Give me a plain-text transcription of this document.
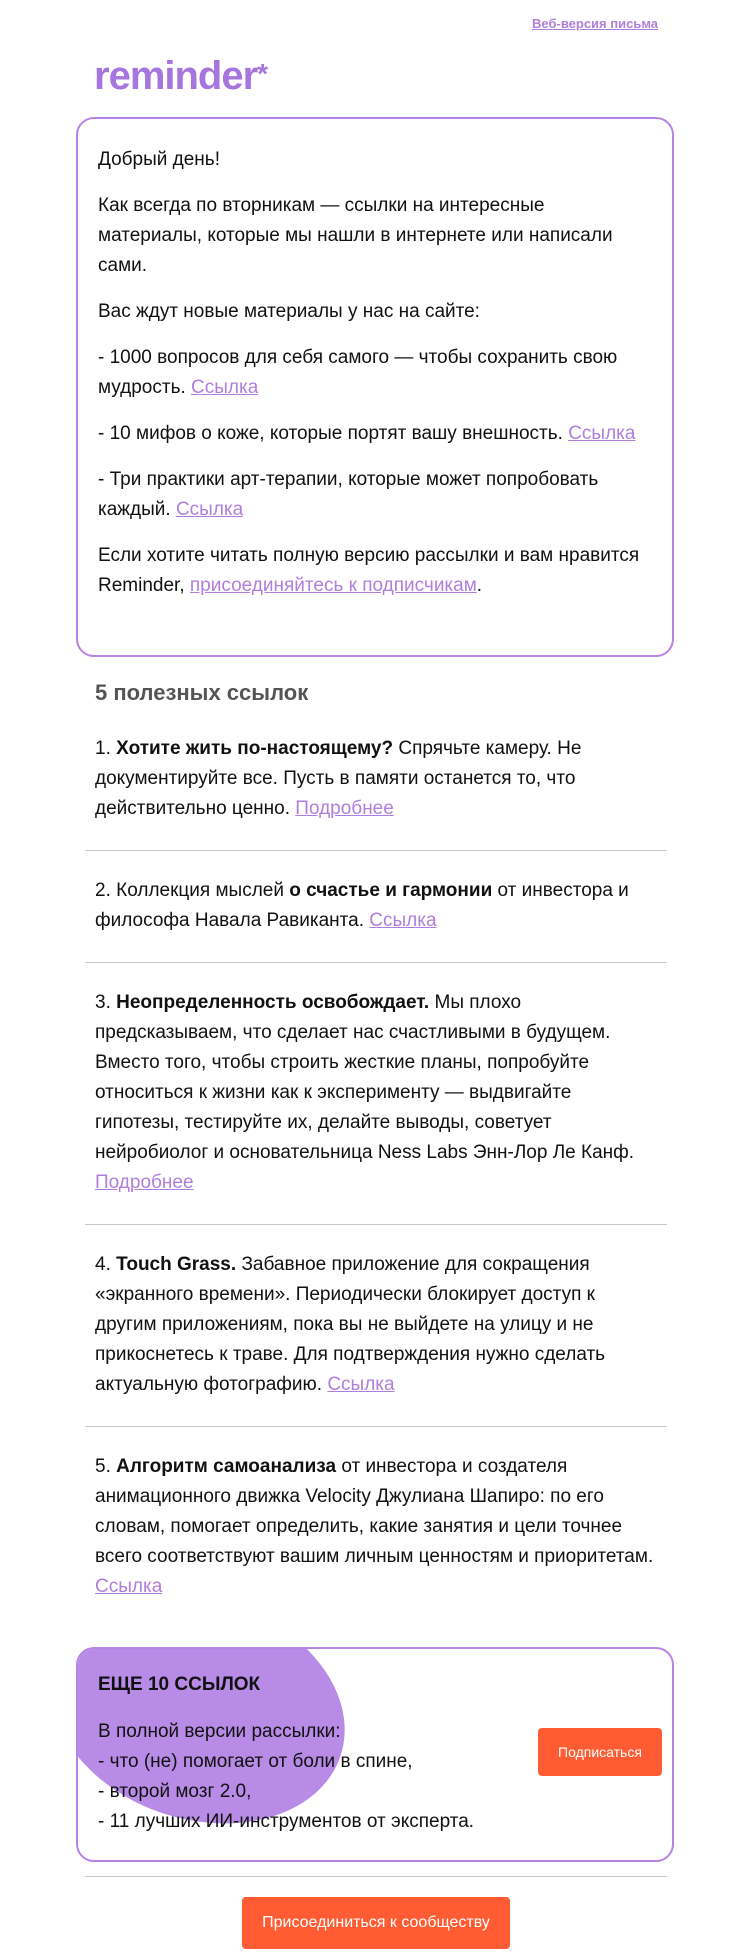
Веб-версия письма
reminder*

Добрый день!

Как всегда по вторникам — ссылки на интересные материалы, которые мы нашли в интернете или написали сами.

Вас ждут новые материалы у нас на сайте:

- 1000 вопросов для себя самого — чтобы сохранить свою мудрость. Ссылка

- 10 мифов о коже, которые портят вашу внешность. Ссылка

- Три практики арт-терапии, которые может попробовать каждый. Ссылка

Если хотите читать полную версию рассылки и вам нравится Reminder, присоединяйтесь к подписчикам.

5 полезных ссылок
1. Хотите жить по-настоящему? Спрячьте камеру. Не документируйте все. Пусть в памяти останется то, что действительно ценно. Подробнее
2. Коллекция мыслей о счастье и гармонии от инвестора и философа Навала Равиканта. Ссылка
3. Неопределенность освобождает. Мы плохо предсказываем, что сделает нас счастливыми в будущем. Вместо того, чтобы строить жесткие планы, попробуйте относиться к жизни как к эксперименту — выдвигайте гипотезы, тестируйте их, делайте выводы, советует нейробиолог и основательница Ness Labs Энн-Лор Ле Канф. Подробнее
4. Touch Grass. Забавное приложение для сокращения «экранного времени». Периодически блокирует доступ к другим приложениям, пока вы не выйдете на улицу и не прикоснетесь к траве. Для подтверждения нужно сделать актуальную фотографию. Ссылка
5. Алгоритм самоанализа от инвестора и создателя анимационного движка Velocity Джулиана Шапиро: по его словам, помогает определить, какие занятия и цели точнее всего соответствуют вашим личным ценностям и приоритетам. Ссылка
ЕЩЕ 10 ССЫЛОК
В полной версии рассылки:
- что (не) помогает от боли в спине,
- второй мозг 2.0,
- 11 лучших ИИ-инструментов от эксперта.
Подписаться
Присоединиться к сообществу
